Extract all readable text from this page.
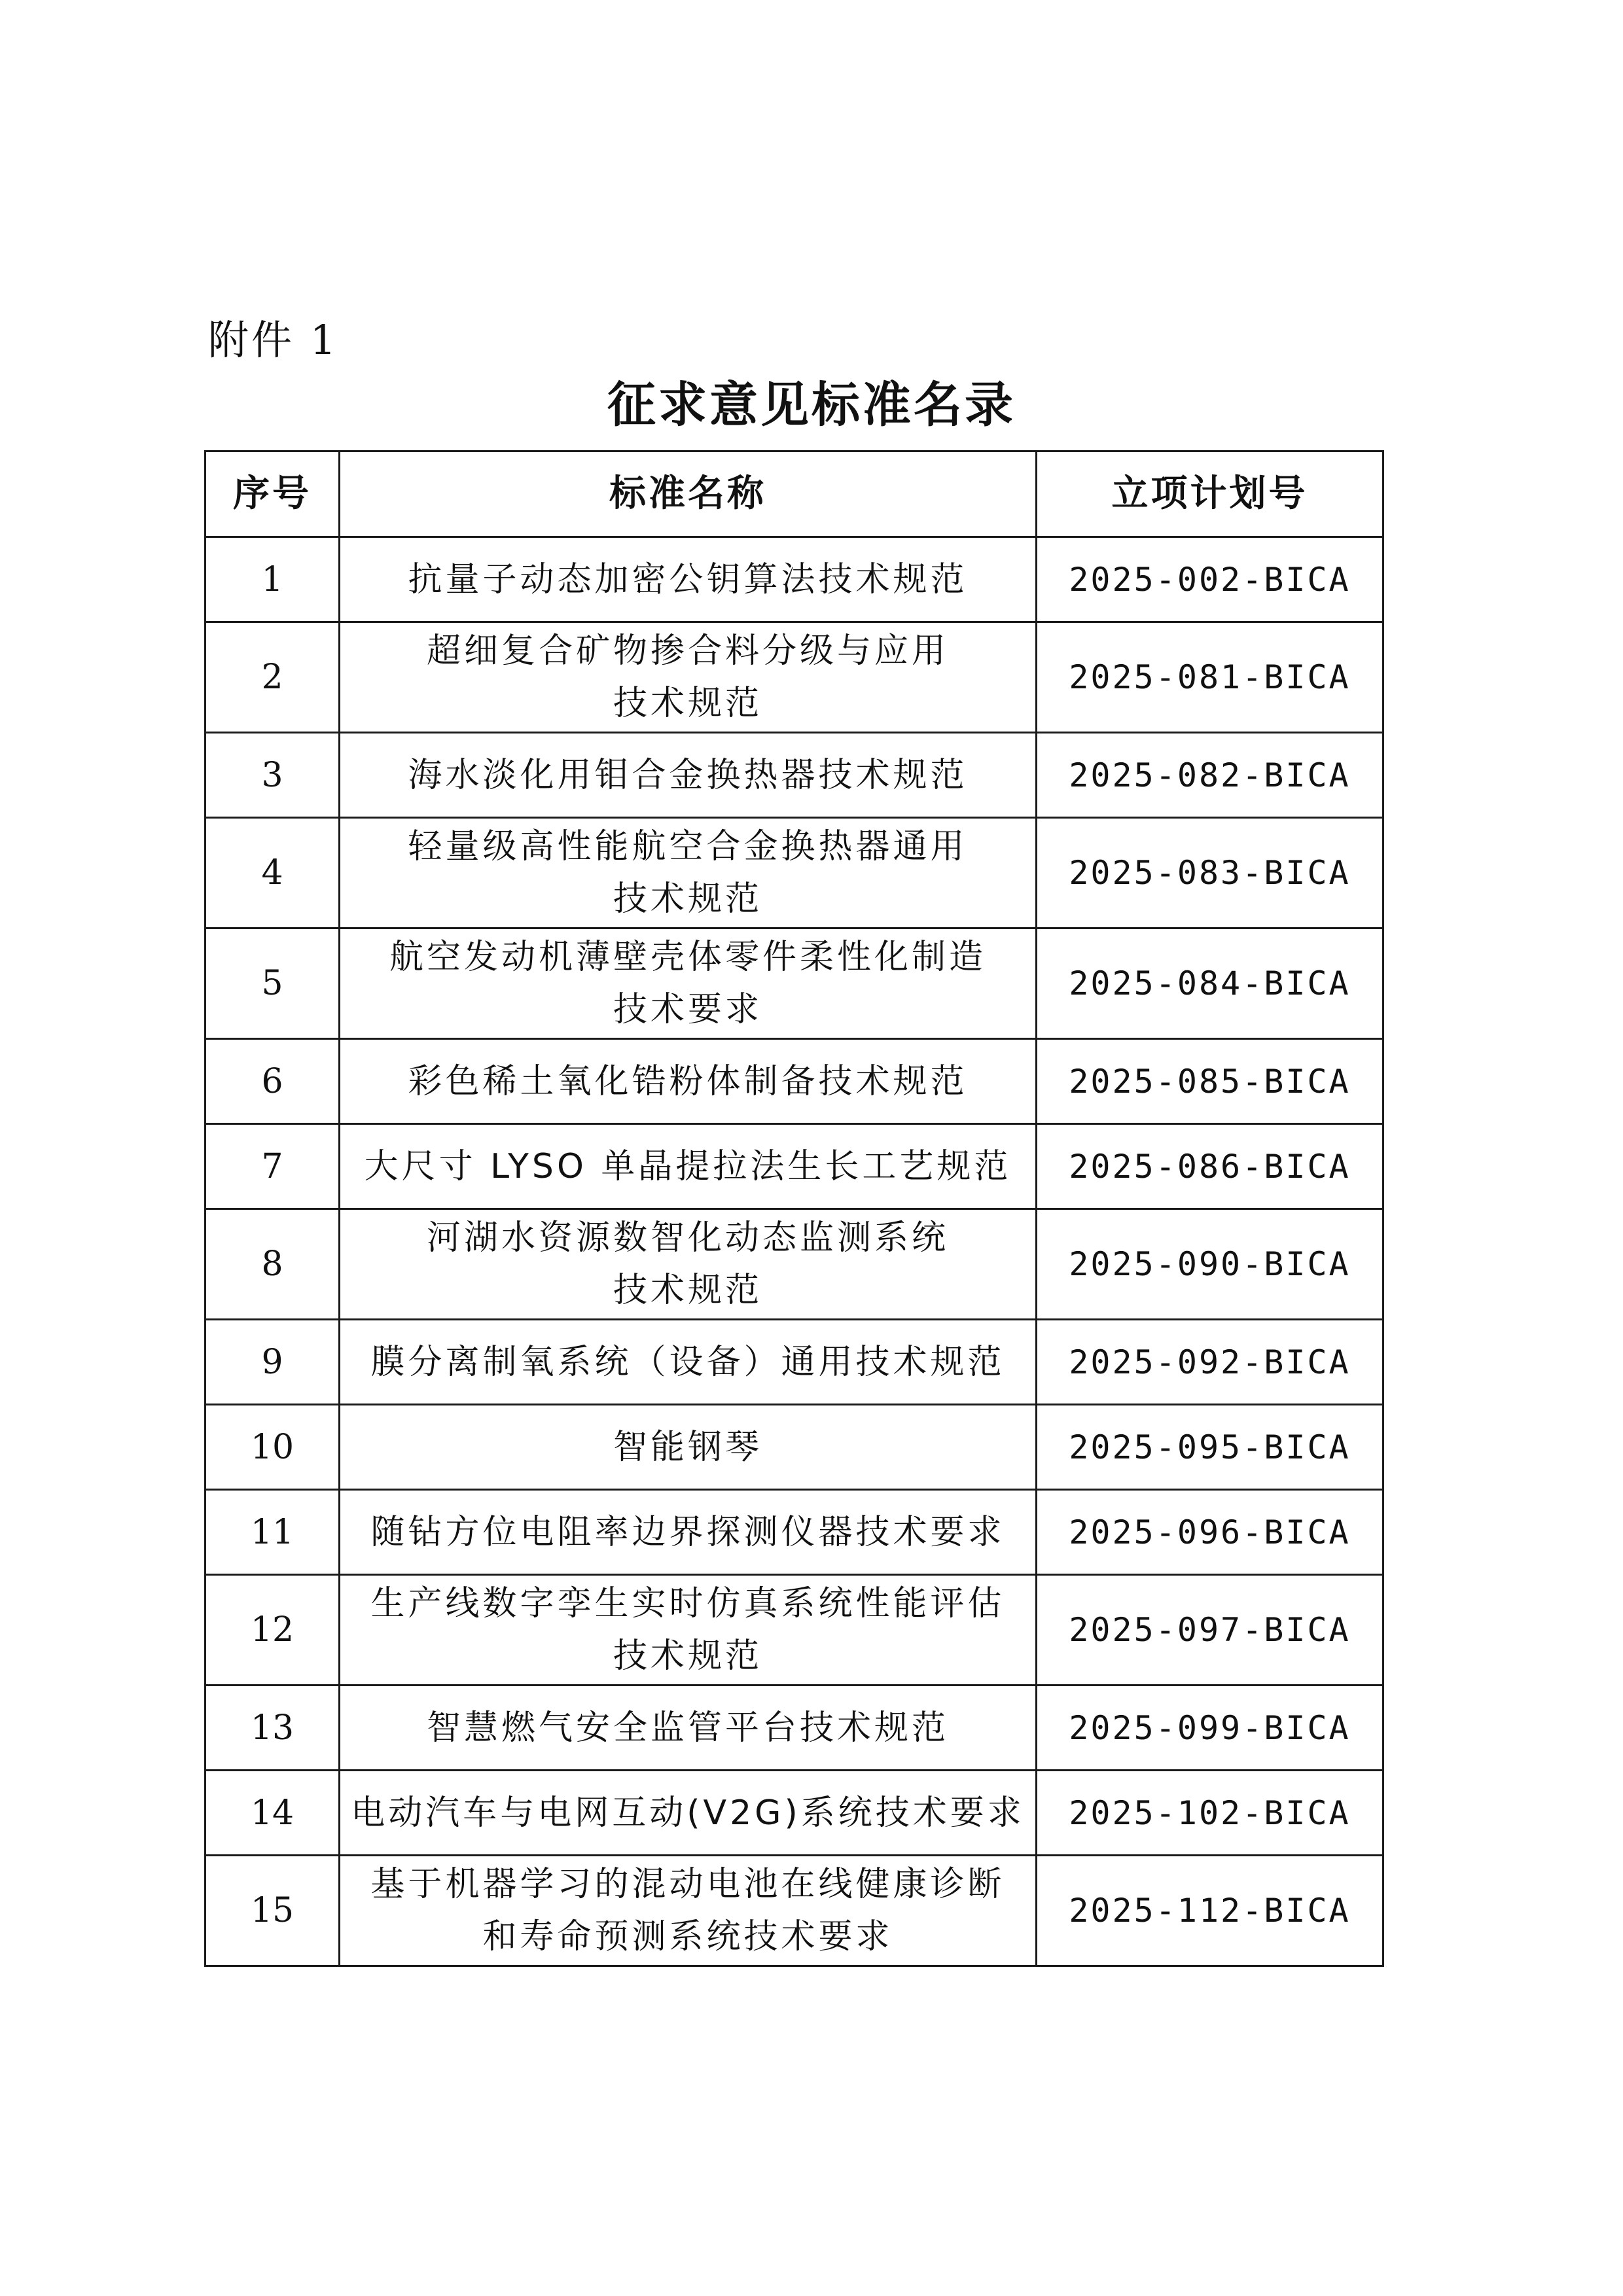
附件 1
征求意见标准名录
序号	标准名称	立项计划号
1	抗量子动态加密公钥算法技术规范	2025-002-BICA
2	超细复合矿物掺合料分级与应用
技术规范	2025-081-BICA
3	海水淡化用钼合金换热器技术规范	2025-082-BICA
4	轻量级高性能航空合金换热器通用
技术规范	2025-083-BICA
5	航空发动机薄壁壳体零件柔性化制造
技术要求	2025-084-BICA
6	彩色稀土氧化锆粉体制备技术规范	2025-085-BICA
7	大尺寸 LYSO 单晶提拉法生长工艺规范	2025-086-BICA
8	河湖水资源数智化动态监测系统
技术规范	2025-090-BICA
9	膜分离制氧系统（设备）通用技术规范	2025-092-BICA
10	智能钢琴	2025-095-BICA
11	随钻方位电阻率边界探测仪器技术要求	2025-096-BICA
12	生产线数字孪生实时仿真系统性能评估
技术规范	2025-097-BICA
13	智慧燃气安全监管平台技术规范	2025-099-BICA
14	电动汽车与电网互动(V2G)系统技术要求	2025-102-BICA
15	基于机器学习的混动电池在线健康诊断
和寿命预测系统技术要求	2025-112-BICA
